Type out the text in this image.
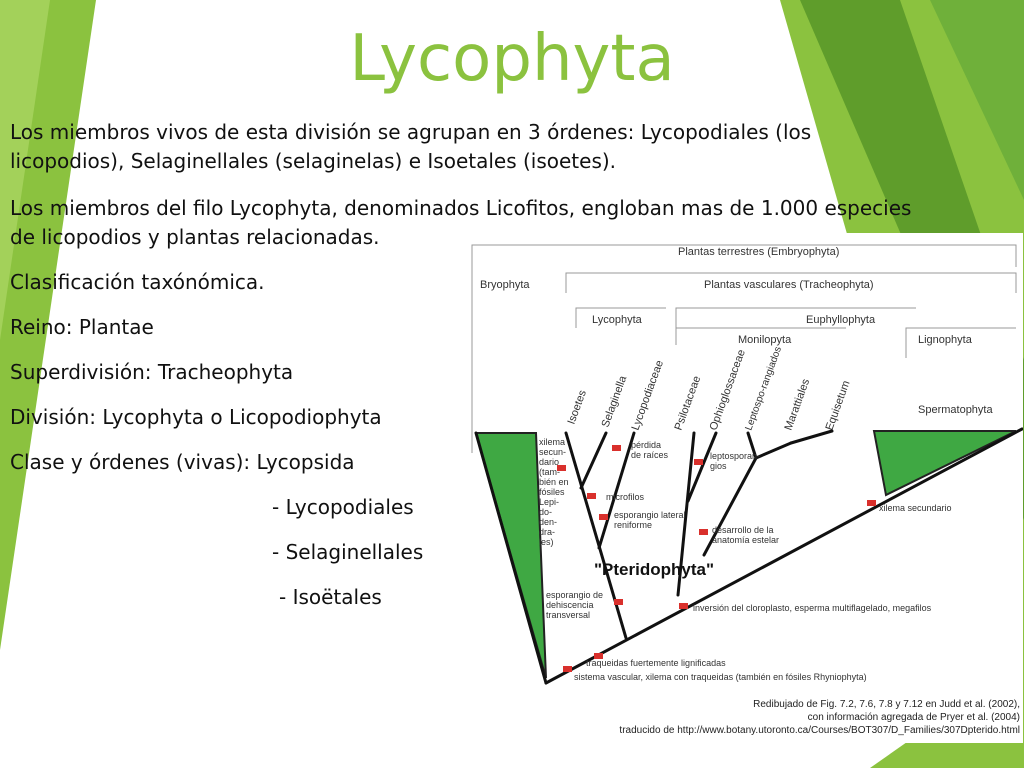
Lycophyta
Los miembros vivos de esta división se agrupan en 3 órdenes: Lycopodiales (los licopodios), Selaginellales (selaginelas) e Isoetales (isoetes).
Los miembros del filo Lycophyta, denominados Licofitos, engloban mas de 1.000 especies de licopodios y plantas relacionadas.
Clasificación taxónómica.
Reino: Plantae
Superdivisión: Tracheophyta
División: Lycophyta o Licopodiophyta
Clase y órdenes (vivas): Lycopsida
- Lycopodiales
- Selaginellales
- Isoëtales
Plantas terrestres (Embryophyta)
Bryophyta	Plantas vasculares (Tracheophyta)
Lycophyta	Euphyllophyta
Monilopyta	Lignophyta
Spermatophyta
Isoetes Selaginella Lycopodiaceae Psilotaceae Ophioglossaceae
Leptospo-rangiados
Marattiales Equisetum
xilema secun-dario (tam-bién en fósiles Lepi-do-den-dra-les)
pérdida de raíces	leptosporan-gios
microfilos
esporangio lateral reniforme	desarrollo de la anatomía estelar
xilema secundario
esporangio de dehiscencia transversal
inversión del cloroplasto, esperma multiflagelado, megafilos
traqueidas fuertemente lignificadas
sistema vascular, xilema con traqueidas (también en fósiles Rhyniophyta)
"Pteridophyta"
Redibujado de Fig. 7.2, 7.6, 7.8 y 7.12 en Judd et al. (2002),
con información agregada de Pryer et al. (2004)
traducido de http://www.botany.utoronto.ca/Courses/BOT307/D_Families/307Dpterido.html
